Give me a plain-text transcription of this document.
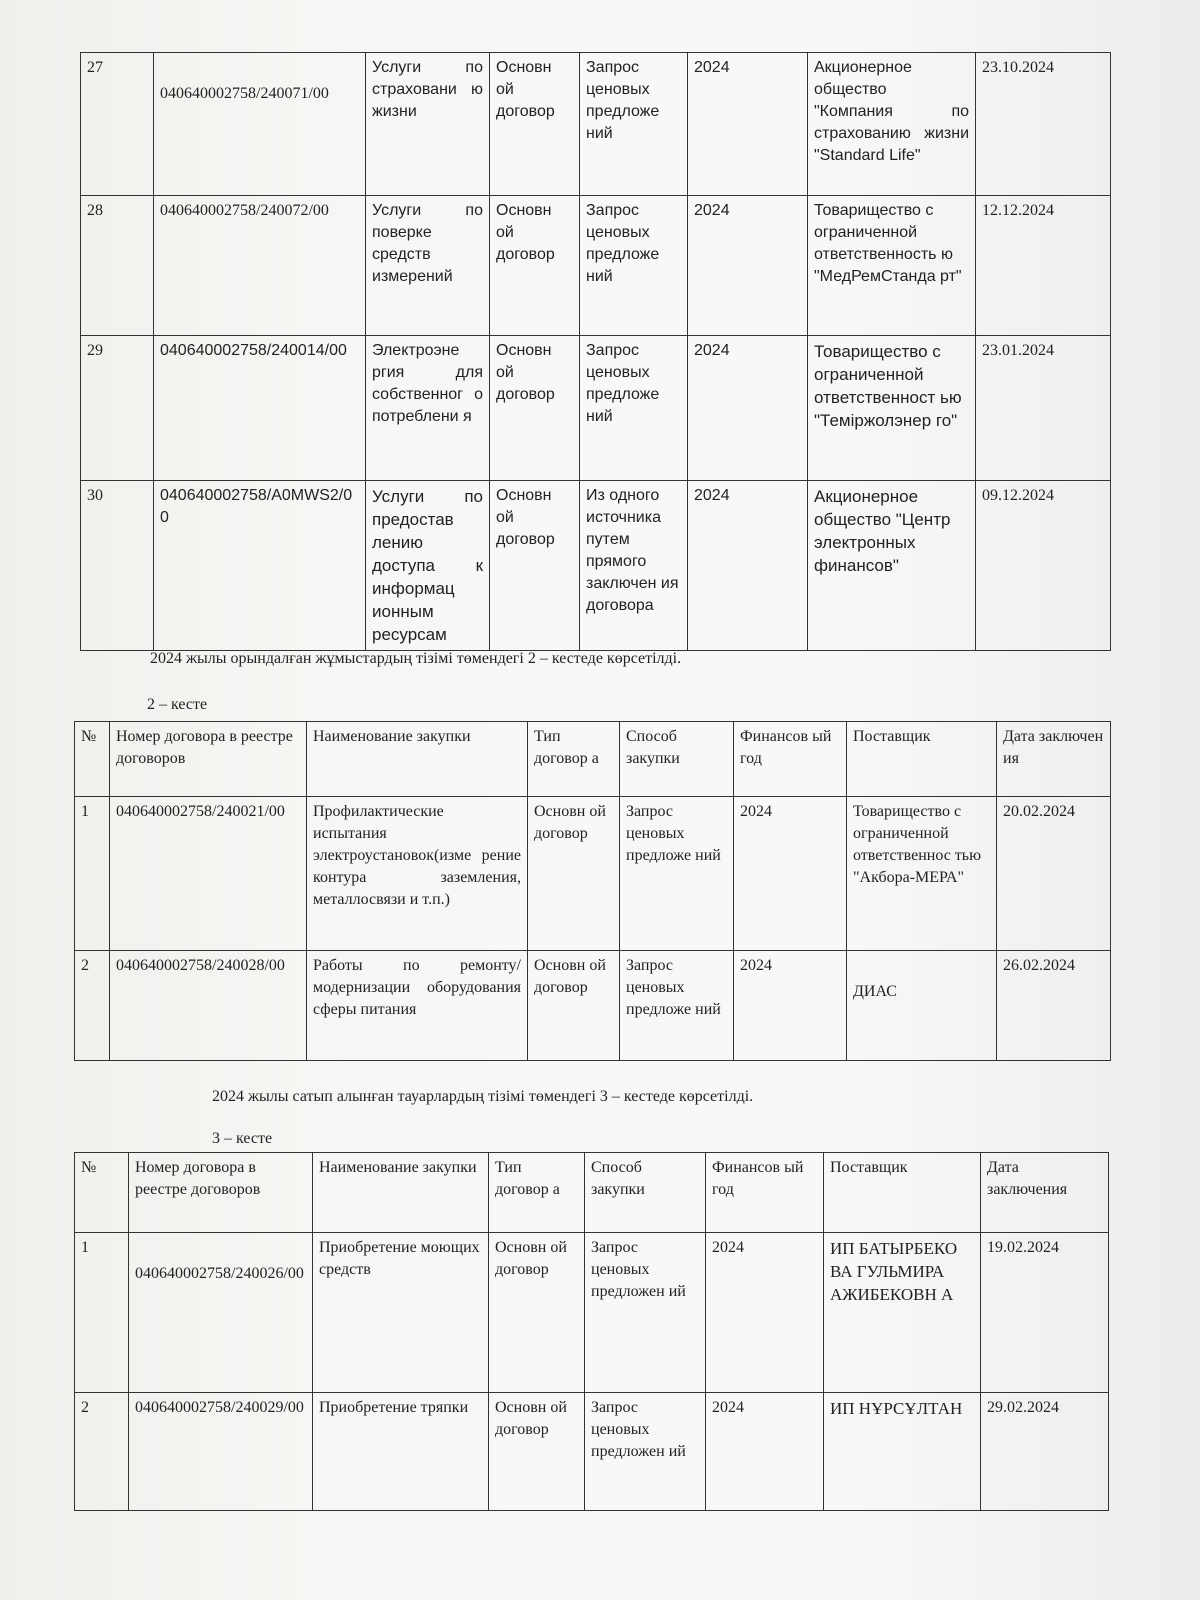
27	040640002758/240071/00	Услуги по страховани ю жизни	Основн ой договор	Запрос ценовых предложе ний	2024	Акционерное общество "Компания по страхованию жизни "Standard Life"	23.10.2024
28	040640002758/240072/00	Услуги по поверке средств измерений	Основн ой договор	Запрос ценовых предложе ний	2024	Товарищество с ограниченной ответственность ю "МедРемСтанда рт"	12.12.2024
29	040640002758/240014/00	Электроэне ргия для собственног о потреблени я	Основн ой договор	Запрос ценовых предложе ний	2024	Товарищество с ограниченной ответственност ью "Теміржолэнер го"	23.01.2024
30	040640002758/A0MWS2/00	Услуги по предостав лению доступа к информац ионным ресурсам	Основн ой договор	Из одного источника путем прямого заключен ия договора	2024	Акционерное общество "Центр электронных финансов"	09.12.2024
2024 жылы орындалған жұмыстардың тізімі төмендегі 2 – кестеде көрсетілді.
2 – кесте
№	Номер договора в реестре договоров	Наименование закупки	Тип договор а	Способ закупки	Финансов ый год	Поставщик	Дата заключен ия
1	040640002758/240021/00	Профилактические испытания электроустановок(изме рение контура заземления, металлосвязи и т.п.)	Основн ой договор	Запрос ценовых предложе ний	2024	Товарищество с ограниченной ответственнос тью "Акбора-МЕРА"	20.02.2024
2	040640002758/240028/00	Работы по ремонту/модернизации оборудования сферы питания	Основн ой договор	Запрос ценовых предложе ний	2024	ДИАС	26.02.2024
2024 жылы сатып алынған тауарлардың тізімі төмендегі 3 – кестеде көрсетілді.
3 – кесте
№	Номер договора в реестре договоров	Наименование закупки	Тип договор а	Способ закупки	Финансов ый год	Поставщик	Дата заключения
1	040640002758/240026/00	Приобретение моющих средств	Основн ой договор	Запрос ценовых предложен ий	2024	ИП БАТЫРБЕКО ВА ГУЛЬМИРА АЖИБЕКОВН А	19.02.2024
2	040640002758/240029/00	Приобретение тряпки	Основн ой договор	Запрос ценовых предложен ий	2024	ИП НҰРСҰЛТАН	29.02.2024
